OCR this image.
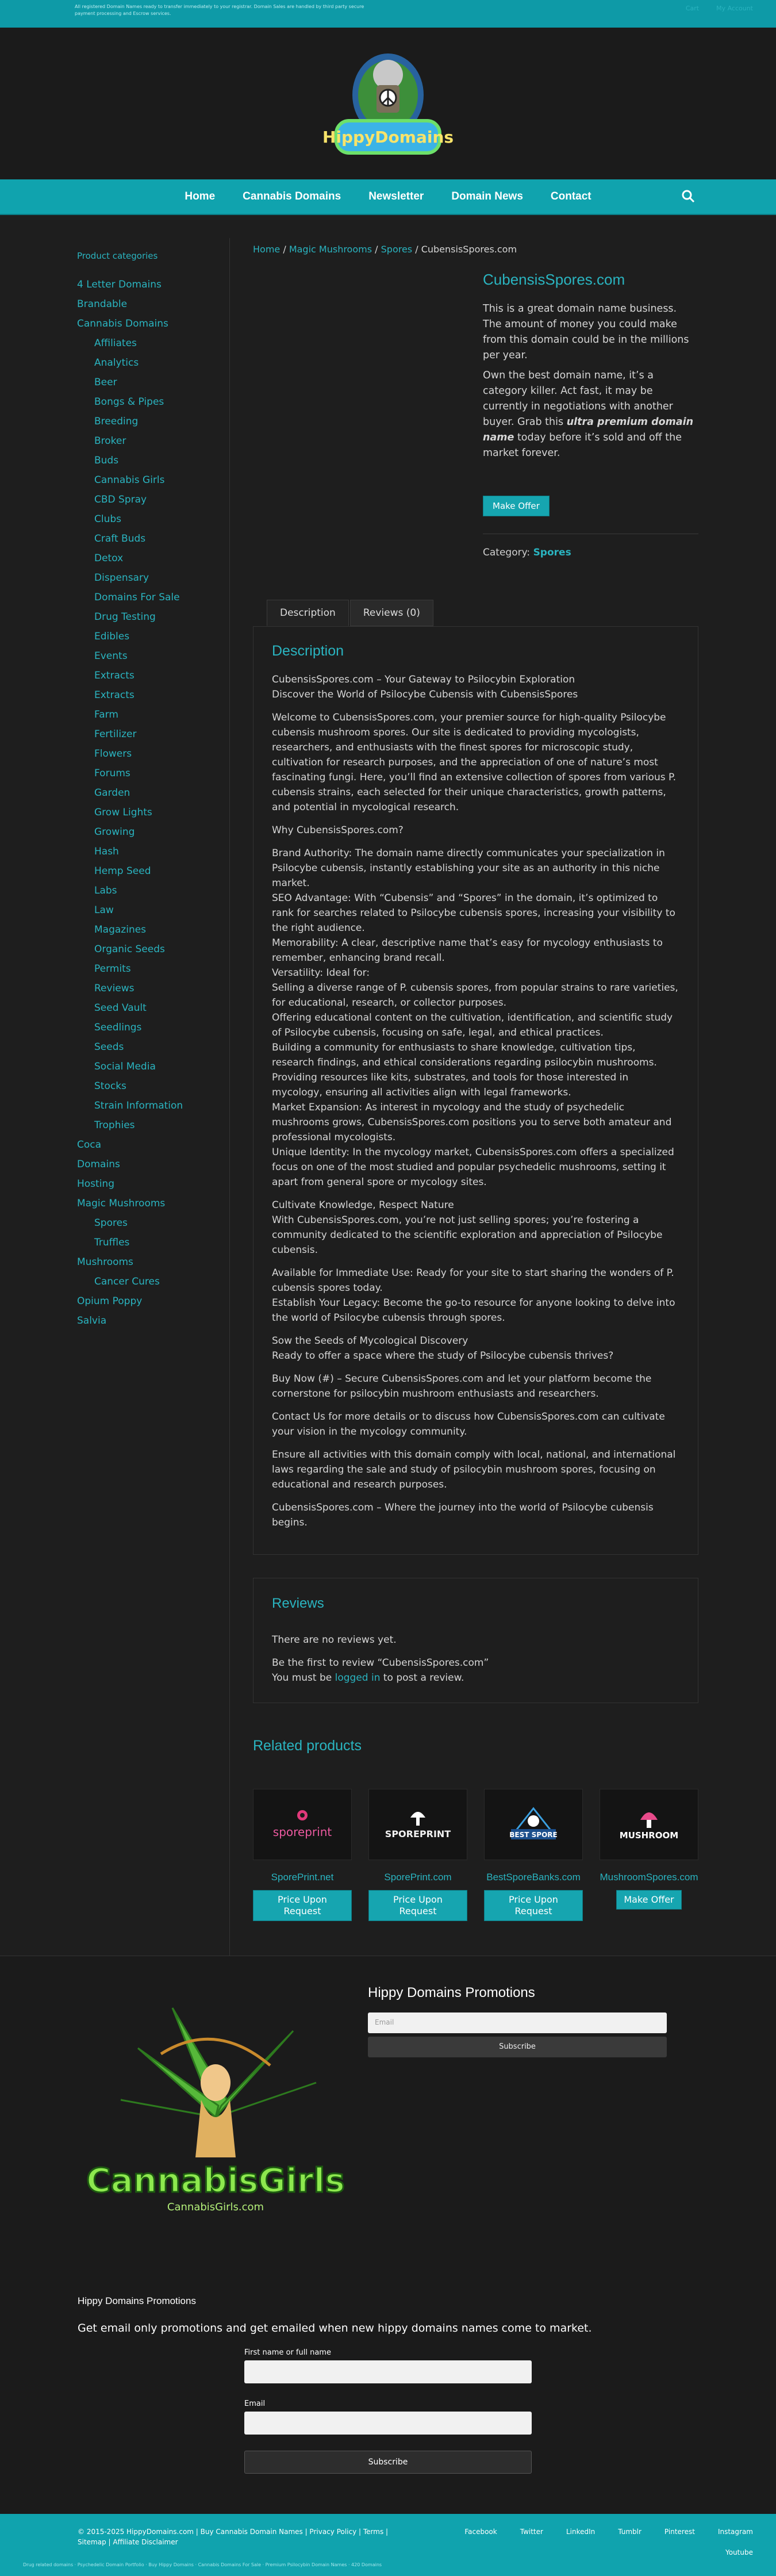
All registered Domain Names ready to transfer immediately to your registrar. Domain Sales are handled by third party secure payment processing and Escrow services.
Cart	My Account
HippyDomains
Home	Cannabis Domains	Newsletter	Domain News	Contact
Product categories
4 Letter Domains
Brandable
Cannabis Domains
Affiliates
Analytics
Beer
Bongs & Pipes
Breeding
Broker
Buds
Cannabis Girls
CBD Spray
Clubs
Craft Buds
Detox
Dispensary
Domains For Sale
Drug Testing
Edibles
Events
Extracts
Extracts
Farm
Fertilizer
Flowers
Forums
Garden
Grow Lights
Growing
Hash
Hemp Seed
Labs
Law
Magazines
Organic Seeds
Permits
Reviews
Seed Vault
Seedlings
Seeds
Social Media
Stocks
Strain Information
Trophies
Coca
Domains
Hosting
Magic Mushrooms
Spores
Truffles
Mushrooms
Cancer Cures
Opium Poppy
Salvia
Home / Magic Mushrooms / Spores / CubensisSpores.com
CubensisSpores.com

This is a great domain name business. The amount of money you could make from this domain could be in the millions per year.

Own the best domain name, it’s a category killer. Act fast, it may be currently in negotiations with another buyer. Grab this ultra premium domain name today before it’s sold and off the market forever.

Make Offer
Category: Spores
Description	Reviews (0)
Description

CubensisSpores.com – Your Gateway to Psilocybin Exploration

Discover the World of Psilocybe Cubensis with CubensisSpores

Welcome to CubensisSpores.com, your premier source for high-quality Psilocybe cubensis mushroom spores. Our site is dedicated to providing mycologists, researchers, and enthusiasts with the finest spores for microscopic study, cultivation for research purposes, and the appreciation of one of nature’s most fascinating fungi. Here, you’ll find an extensive collection of spores from various P. cubensis strains, each selected for their unique characteristics, growth patterns, and potential in mycological research.

Why CubensisSpores.com?

Brand Authority: The domain name directly communicates your specialization in Psilocybe cubensis, instantly establishing your site as an authority in this niche market.

SEO Advantage: With “Cubensis” and “Spores” in the domain, it’s optimized to rank for searches related to Psilocybe cubensis spores, increasing your visibility to the right audience.

Memorability: A clear, descriptive name that’s easy for mycology enthusiasts to remember, enhancing brand recall.

Versatility: Ideal for:

Selling a diverse range of P. cubensis spores, from popular strains to rare varieties, for educational, research, or collector purposes.

Offering educational content on the cultivation, identification, and scientific study of Psilocybe cubensis, focusing on safe, legal, and ethical practices.

Building a community for enthusiasts to share knowledge, cultivation tips, research findings, and ethical considerations regarding psilocybin mushrooms.

Providing resources like kits, substrates, and tools for those interested in mycology, ensuring all activities align with legal frameworks.

Market Expansion: As interest in mycology and the study of psychedelic mushrooms grows, CubensisSpores.com positions you to serve both amateur and professional mycologists.

Unique Identity: In the mycology market, CubensisSpores.com offers a specialized focus on one of the most studied and popular psychedelic mushrooms, setting it apart from general spore or mycology sites.

Cultivate Knowledge, Respect Nature

With CubensisSpores.com, you’re not just selling spores; you’re fostering a community dedicated to the scientific exploration and appreciation of Psilocybe cubensis.

Available for Immediate Use: Ready for your site to start sharing the wonders of P. cubensis spores today.

Establish Your Legacy: Become the go-to resource for anyone looking to delve into the world of Psilocybe cubensis through spores.

Sow the Seeds of Mycological Discovery

Ready to offer a space where the study of Psilocybe cubensis thrives?

Buy Now (#) – Secure CubensisSpores.com and let your platform become the cornerstone for psilocybin mushroom enthusiasts and researchers.

Contact Us for more details or to discuss how CubensisSpores.com can cultivate your vision in the mycology community.

Ensure all activities with this domain comply with local, national, and international laws regarding the sale and study of psilocybin mushroom spores, focusing on educational and research purposes.

CubensisSpores.com – Where the journey into the world of Psilocybe cubensis begins.

Reviews

There are no reviews yet.

Be the first to review “CubensisSpores.com”

You must be logged in to post a review.

Related products
sporeprint
SporePrint.net
Price Upon Request
SPOREPRINT
SporePrint.com
Price Upon Request
BEST SPORE
BestSporeBanks.com
Price Upon Request
MUSHROOM
MushroomSpores.com
Make Offer
CannabisGirls
CannabisGirls.com
Hippy Domains Promotions
Email
Subscribe
Hippy Domains Promotions

Get email only promotions and get emailed when new hippy domains names come to market.

First name or full name
Email
Subscribe
© 2015-2025 HippyDomains.com | Buy Cannabis Domain Names | Privacy Policy | Terms | Sitemap | Affiliate Disclaimer
Facebook	Twitter	LinkedIn	Tumblr	Pinterest	Instagram
Youtube
Drug related domains · Psychedelic Domain Portfolio · Buy Hippy Domains · Cannabis Domains For Sale · Premium Psilocybin Domain Names · 420 Domains
